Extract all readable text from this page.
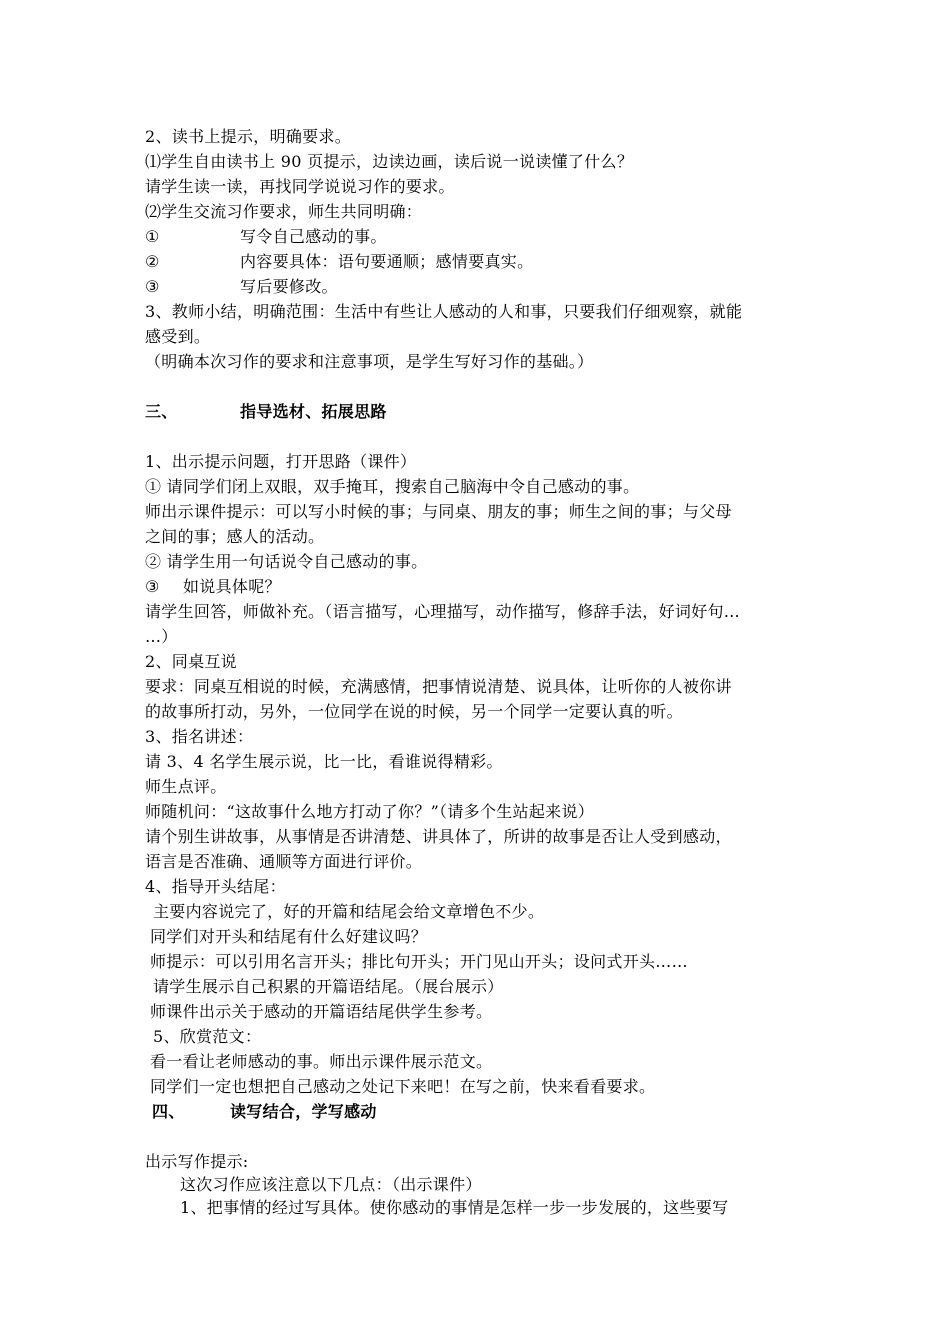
2、读书上提示，明确要求。
⑴学生自由读书上 90 页提示，边读边画，读后说一说读懂了什么？
请学生读一读，再找同学说说习作的要求。
⑵学生交流习作要求，师生共同明确：
①	写令自己感动的事。
②	内容要具体：语句要通顺；感情要真实。
③	写后要修改。
3、教师小结，明确范围：生活中有些让人感动的人和事，只要我们仔细观察，就能
感受到。
（明确本次习作的要求和注意事项，是学生写好习作的基础。）
三、	指导选材、拓展思路
1、出示提示问题，打开思路（课件）
① 请同学们闭上双眼，双手掩耳，搜索自己脑海中令自己感动的事。
师出示课件提示：可以写小时候的事；与同桌、朋友的事；师生之间的事；与父母
之间的事；感人的活动。
② 请学生用一句话说令自己感动的事。
③ 如说具体呢？
请学生回答，师做补充。（语言描写，心理描写，动作描写，修辞手法，好词好句…
…）
2、同桌互说
要求：同桌互相说的时候，充满感情，把事情说清楚、说具体，让听你的人被你讲
的故事所打动，另外，一位同学在说的时候，另一个同学一定要认真的听。
3、指名讲述：
请 3、4 名学生展示说，比一比，看谁说得精彩。
师生点评。
师随机问：“这故事什么地方打动了你？”（请多个生站起来说）
请个别生讲故事，从事情是否讲清楚、讲具体了，所讲的故事是否让人受到感动，
语言是否准确、通顺等方面进行评价。
4、指导开头结尾：
主要内容说完了，好的开篇和结尾会给文章增色不少。
同学们对开头和结尾有什么好建议吗？
师提示：可以引用名言开头；排比句开头；开门见山开头；设问式开头……
请学生展示自己积累的开篇语结尾。（展台展示）
师课件出示关于感动的开篇语结尾供学生参考。
5、欣赏范文：
看一看让老师感动的事。师出示课件展示范文。
同学们一定也想把自己感动之处记下来吧！在写之前，快来看看要求。
四、	读写结合，学写感动
出示写作提示:
这次习作应该注意以下几点：（出示课件）
1、把事情的经过写具体。使你感动的事情是怎样一步一步发展的，这些要写
